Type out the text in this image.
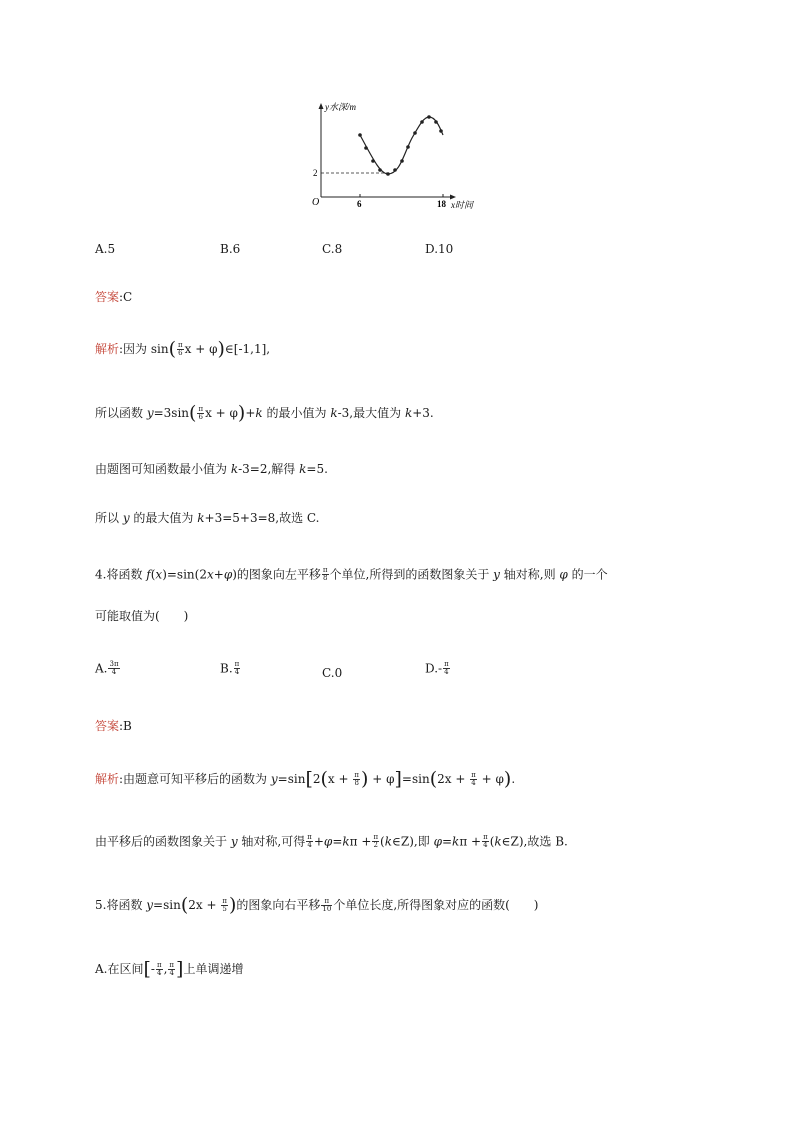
y水深/m
O	6	18
2
x时间
A.5	B.6	C.8	D.10
答案:C
解析:因为 $\sin( \frac{\pi}{6}$ x + φ)∈[-1,1],
所以函数 $y=3\sin( \frac{\pi}{6}$ x + φ)+k 的最小值为 k-3,最大值为 k+3.
由题图可知函数最小值为 k-3=2,解得 k=5.
所以 y 的最大值为 k+3=5+3=8,故选 C.
4.将函数 f(x)=sin(2x+φ)的图象向左平移 $\frac{\pi}{8}$ 个单位,所得到的函数图象关于 y 轴对称,则 φ 的一个
可能取值为(　　)
A. $\frac{3\pi}{4}$	B. $\frac{\pi}{4}$	C.0	$D.- \frac{\pi}{4}$
答案:B
解析:由题意可知平移后的函数为 $y=\sin[2(x + \frac{\pi}{8}$ ) + $\varphi]=\sin(2x + \frac{\pi}{4} + \varphi)$.
由平移后的函数图象关于 y 轴对称,可得 $\frac{\pi}{4} +\varphi=k\pi + \frac{\pi}{2}$ (k∈Z),即 $\varphi=k\pi + \frac{\pi}{4}$ (k∈Z),故选 B.
5.将函数 $y=\sin(2x + \frac{\pi}{5}$ )的图象向右平移 $\frac{\pi}{10}$ 个单位长度,所得图象对应的函数(　　)
A.在区间[- $\frac{\pi}{4}$ , $\frac{\pi}{4}$ ]上单调递增
